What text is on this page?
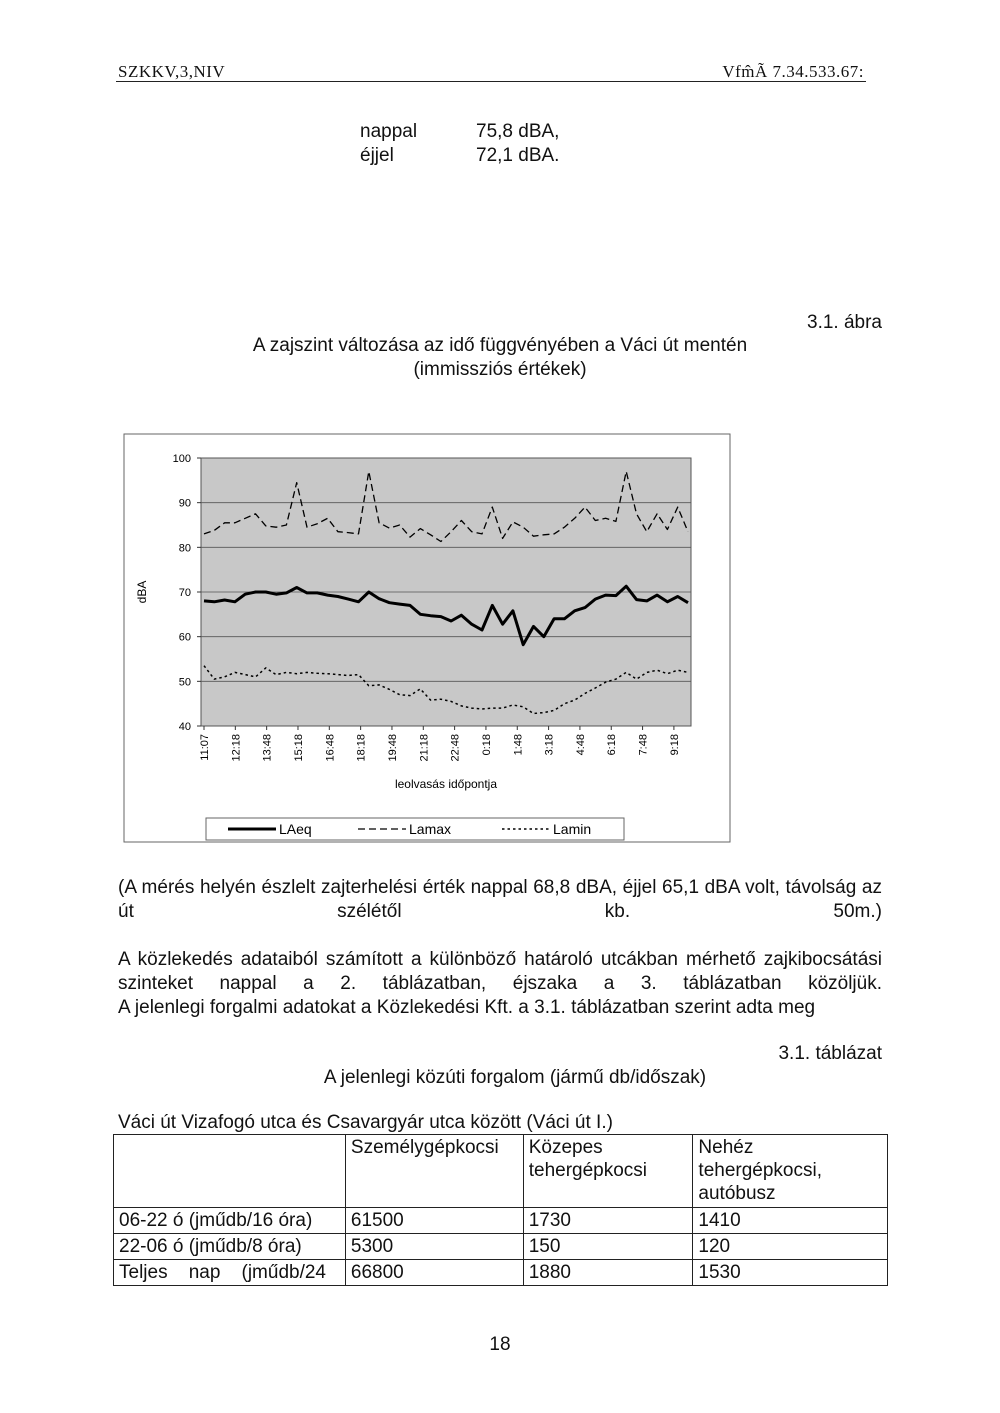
SZKKV,3,NIV	Vfm̂Ã 7.34.533.67:
nappal	75,8 dBA,
éjjel	72,1 dBA.
3.1. ábra
A zajszint változása az idő függvényében a Váci út mentén
(immissziós értékek)
40
50
60
70
80
90
100
11:07 12:18 13:48 15:18 16:48 18:18 19:48 21:18 22:48 0:18 1:48 3:18 4:48 6:18 7:48 9:18
dBA
leolvasás időpontja
LAeq	Lamax	Lamin
(A mérés helyén észlelt zajterhelési érték nappal 68,8 dBA, éjjel 65,1 dBA volt, távolság az út szélétől kb. 50m.)
A közlekedés adataiból számított a különböző határoló utcákban mérhető zajkibocsátási szinteket nappal a 2. táblázatban, éjszaka a 3. táblázatban közöljük.
A jelenlegi forgalmi adatokat a Közlekedési Kft. a 3.1. táblázatban szerint adta meg
3.1. táblázat
A jelenlegi közúti forgalom (jármű db/időszak)
Váci út Vizafogó utca és Csavargyár utca között (Váci út I.)
	Személygépkocsi	Közepes tehergépkocsi	Nehéz tehergépkocsi, autóbusz
06-22 ó (jműdb/16 óra)	61500	1730	1410
22-06 ó (jműdb/8 óra)	5300	150	120
Teljes    nap    (jműdb/24	66800	1880	1530
18
